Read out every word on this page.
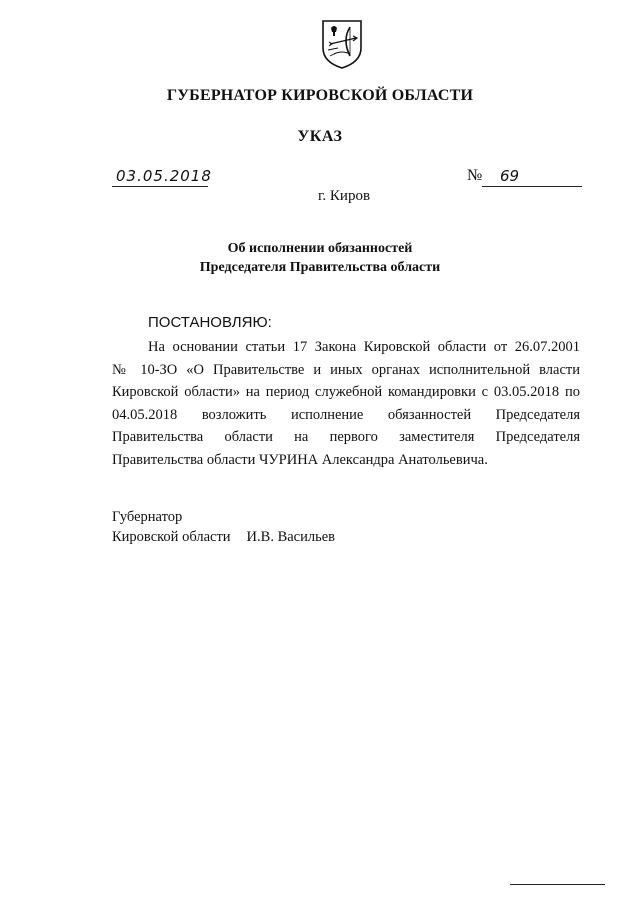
ГУБЕРНАТОР КИРОВСКОЙ ОБЛАСТИ
УКАЗ
03.05.2018	№	69
г. Киров
Об исполнении обязанностей
Председателя Правительства области
ПОСТАНОВЛЯЮ:

На основании статьи 17 Закона Кировской области от 26.07.2001
№ 10-ЗО «О Правительстве и иных органах исполнительной власти
Кировской области» на период служебной командировки с 03.05.2018 по
04.05.2018 возложить исполнение обязанностей Председателя
Правительства области на первого заместителя Председателя
Правительства области ЧУРИНА Александра Анатольевича.

Губернатор
Кировской области И.В. Васильев
